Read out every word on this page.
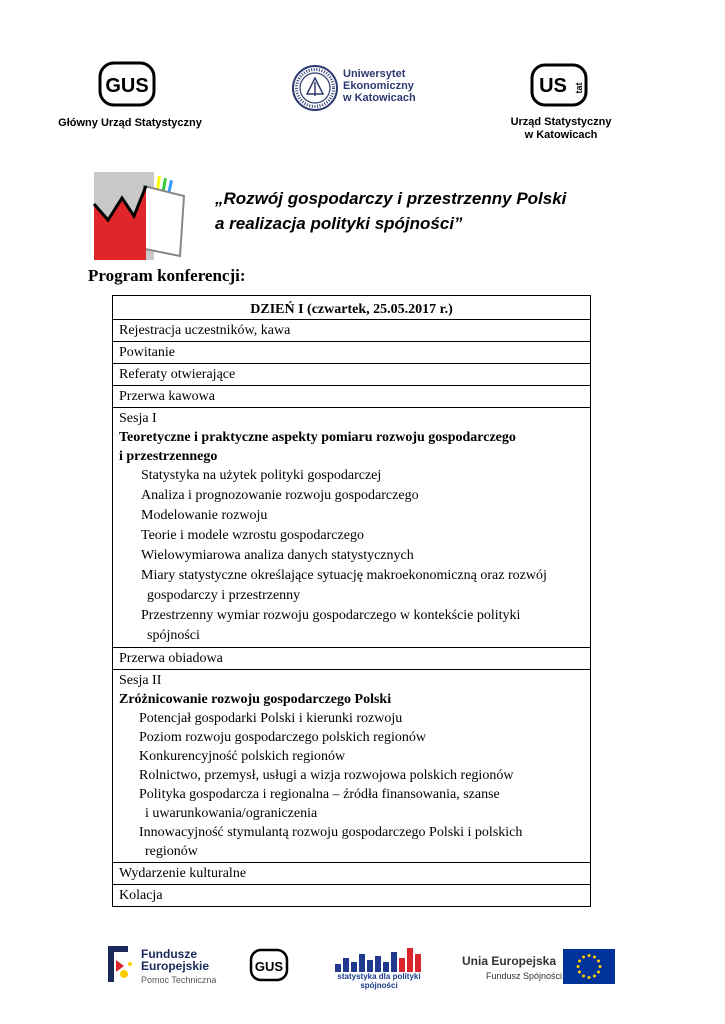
GUS
Główny Urząd Statystyczny
Uniwersytet
Ekonomiczny
w Katowicach
US tat
Urząd Statystyczny
w Katowicach
„Rozwój gospodarczy i przestrzenny Polski
a realizacja polityki spójności”
Program konferencji:
DZIEŃ I (czwartek, 25.05.2017 r.)
Rejestracja uczestników, kawa
Powitanie
Referaty otwierające
Przerwa kawowa
Sesja I
Teoretyczne i praktyczne aspekty pomiaru rozwoju gospodarczego
i przestrzennego
Statystyka na użytek polityki gospodarczej
Analiza i prognozowanie rozwoju gospodarczego
Modelowanie rozwoju
Teorie i modele wzrostu gospodarczego
Wielowymiarowa analiza danych statystycznych
Miary statystyczne określające sytuację makroekonomiczną oraz rozwój
gospodarczy i przestrzenny
Przestrzenny wymiar rozwoju gospodarczego w kontekście polityki
spójności
Przerwa obiadowa
Sesja II
Zróżnicowanie rozwoju gospodarczego Polski
Potencjał gospodarki Polski i kierunki rozwoju
Poziom rozwoju gospodarczego polskich regionów
Konkurencyjność polskich regionów
Rolnictwo, przemysł, usługi a wizja rozwojowa polskich regionów
Polityka gospodarcza i regionalna – źródła finansowania, szanse
i uwarunkowania/ograniczenia
Innowacyjność stymulantą rozwoju gospodarczego Polski i polskich
regionów
Wydarzenie kulturalne
Kolacja
Fundusze
Europejskie
Pomoc Techniczna
GUS
statystyka dla polityki spójności
Unia Europejska
Fundusz Spójności
